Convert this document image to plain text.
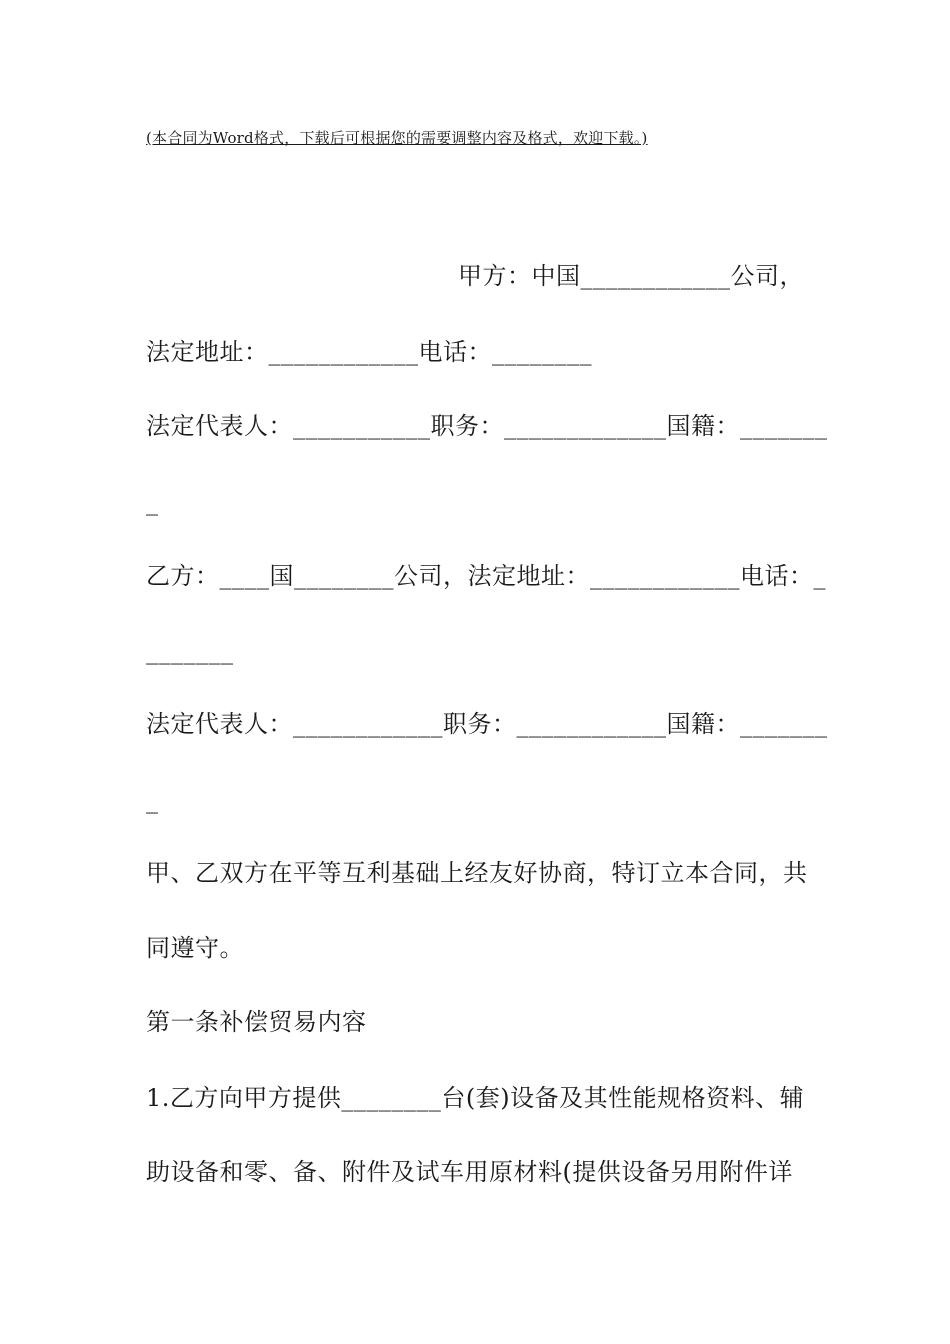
(本合同为Word格式，下载后可根据您的需要调整内容及格式，欢迎下载。)
甲方：中国____________公司，
法定地址：____________电话：________
法定代表人：___________职务：_____________国籍：_______
_
乙方：____国________公司，法定地址：____________电话：_
_______
法定代表人：____________职务：____________国籍：_______
_
甲、乙双方在平等互利基础上经友好协商，特订立本合同，共
同遵守。
第一条补偿贸易内容
1.乙方向甲方提供________台(套)设备及其性能规格资料、辅
助设备和零、备、附件及试车用原材料(提供设备另用附件详
